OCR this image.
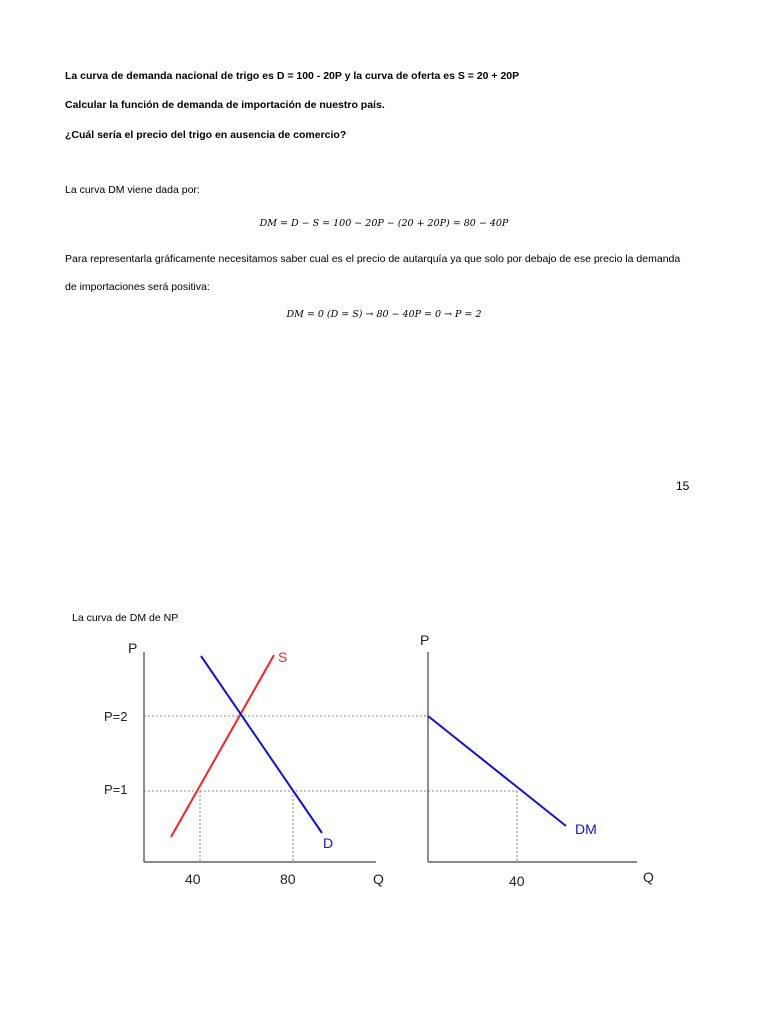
La curva de demanda nacional de trigo es D = 100 - 20P y la curva de oferta es S = 20 + 20P
Calcular la función de demanda de importación de nuestro país.
¿Cuál sería el precio del trigo en ausencia de comercio?
La curva DM viene dada por:
DM = D − S = 100 − 20P − (20 + 20P) = 80 − 40P
Para representarla gráficamente necesitamos saber cual es el precio de autarquía ya que solo por debajo de ese precio la demanda
de importaciones será positiva:
DM = 0 (D = S) → 80 − 40P = 0 → P = 2
15
La curva de DM de NP
P
P=2
P=1
S
D
40	80	Q
P
DM
40	Q
